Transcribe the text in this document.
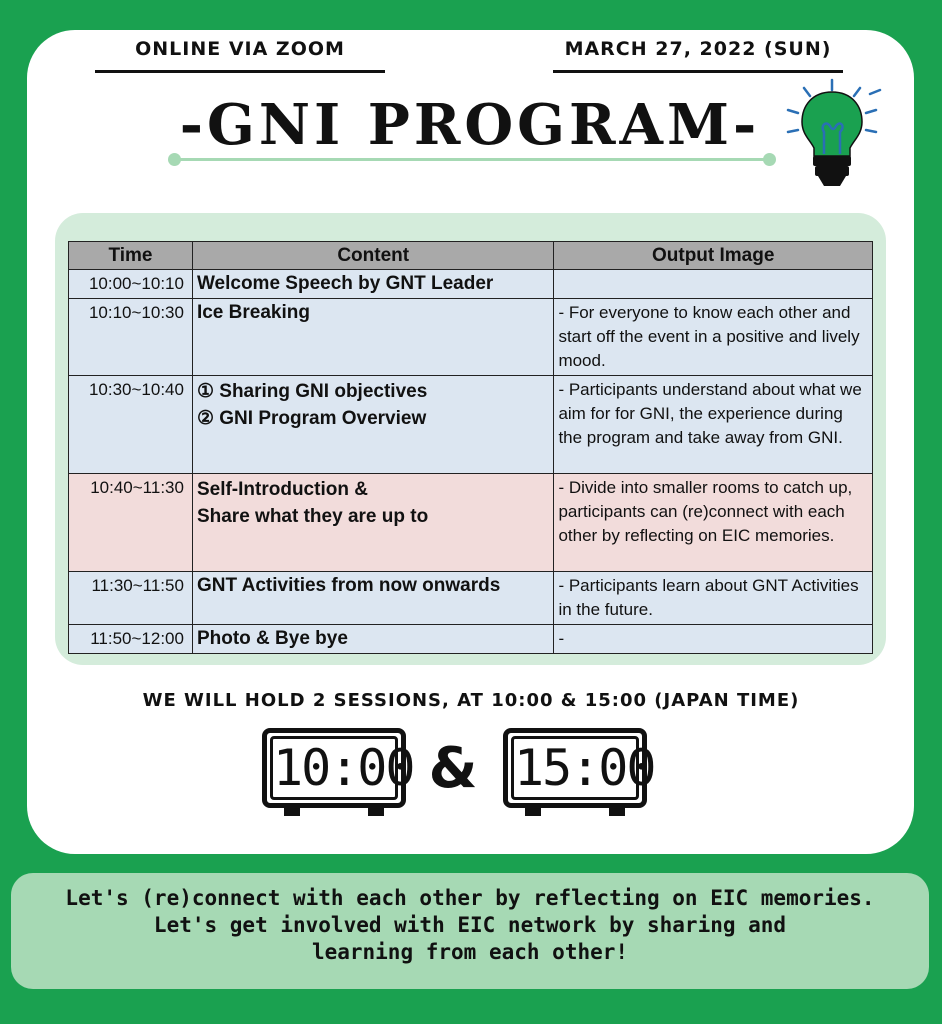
ONLINE VIA ZOOM	MARCH 27, 2022 (SUN)
-GNI PROGRAM-
Time	Content	Output Image
10:00~10:10	Welcome Speech by GNT Leader	

10:10~10:30	Ice Breaking	- For everyone to know each other and start off the event in a positive and lively mood.
10:30~10:40	① Sharing GNI objectives
② GNI Program Overview	- Participants understand about what we aim for for GNI, the experience during the program and take away from GNI.
10:40~11:30	Self-Introduction &
Share what they are up to	- Divide into smaller rooms to catch up, participants can (re)connect with each other by reflecting on EIC memories.
11:30~11:50	GNT Activities from now onwards	- Participants learn about GNT Activities in the future.
11:50~12:00	Photo & Bye bye	-
WE WILL HOLD 2 SESSIONS, AT 10:00 & 15:00 (JAPAN TIME)
10:00 & 15:00
Let's (re)connect with each other by reflecting on EIC memories.
Let's get involved with EIC network by sharing and
learning from each other!
